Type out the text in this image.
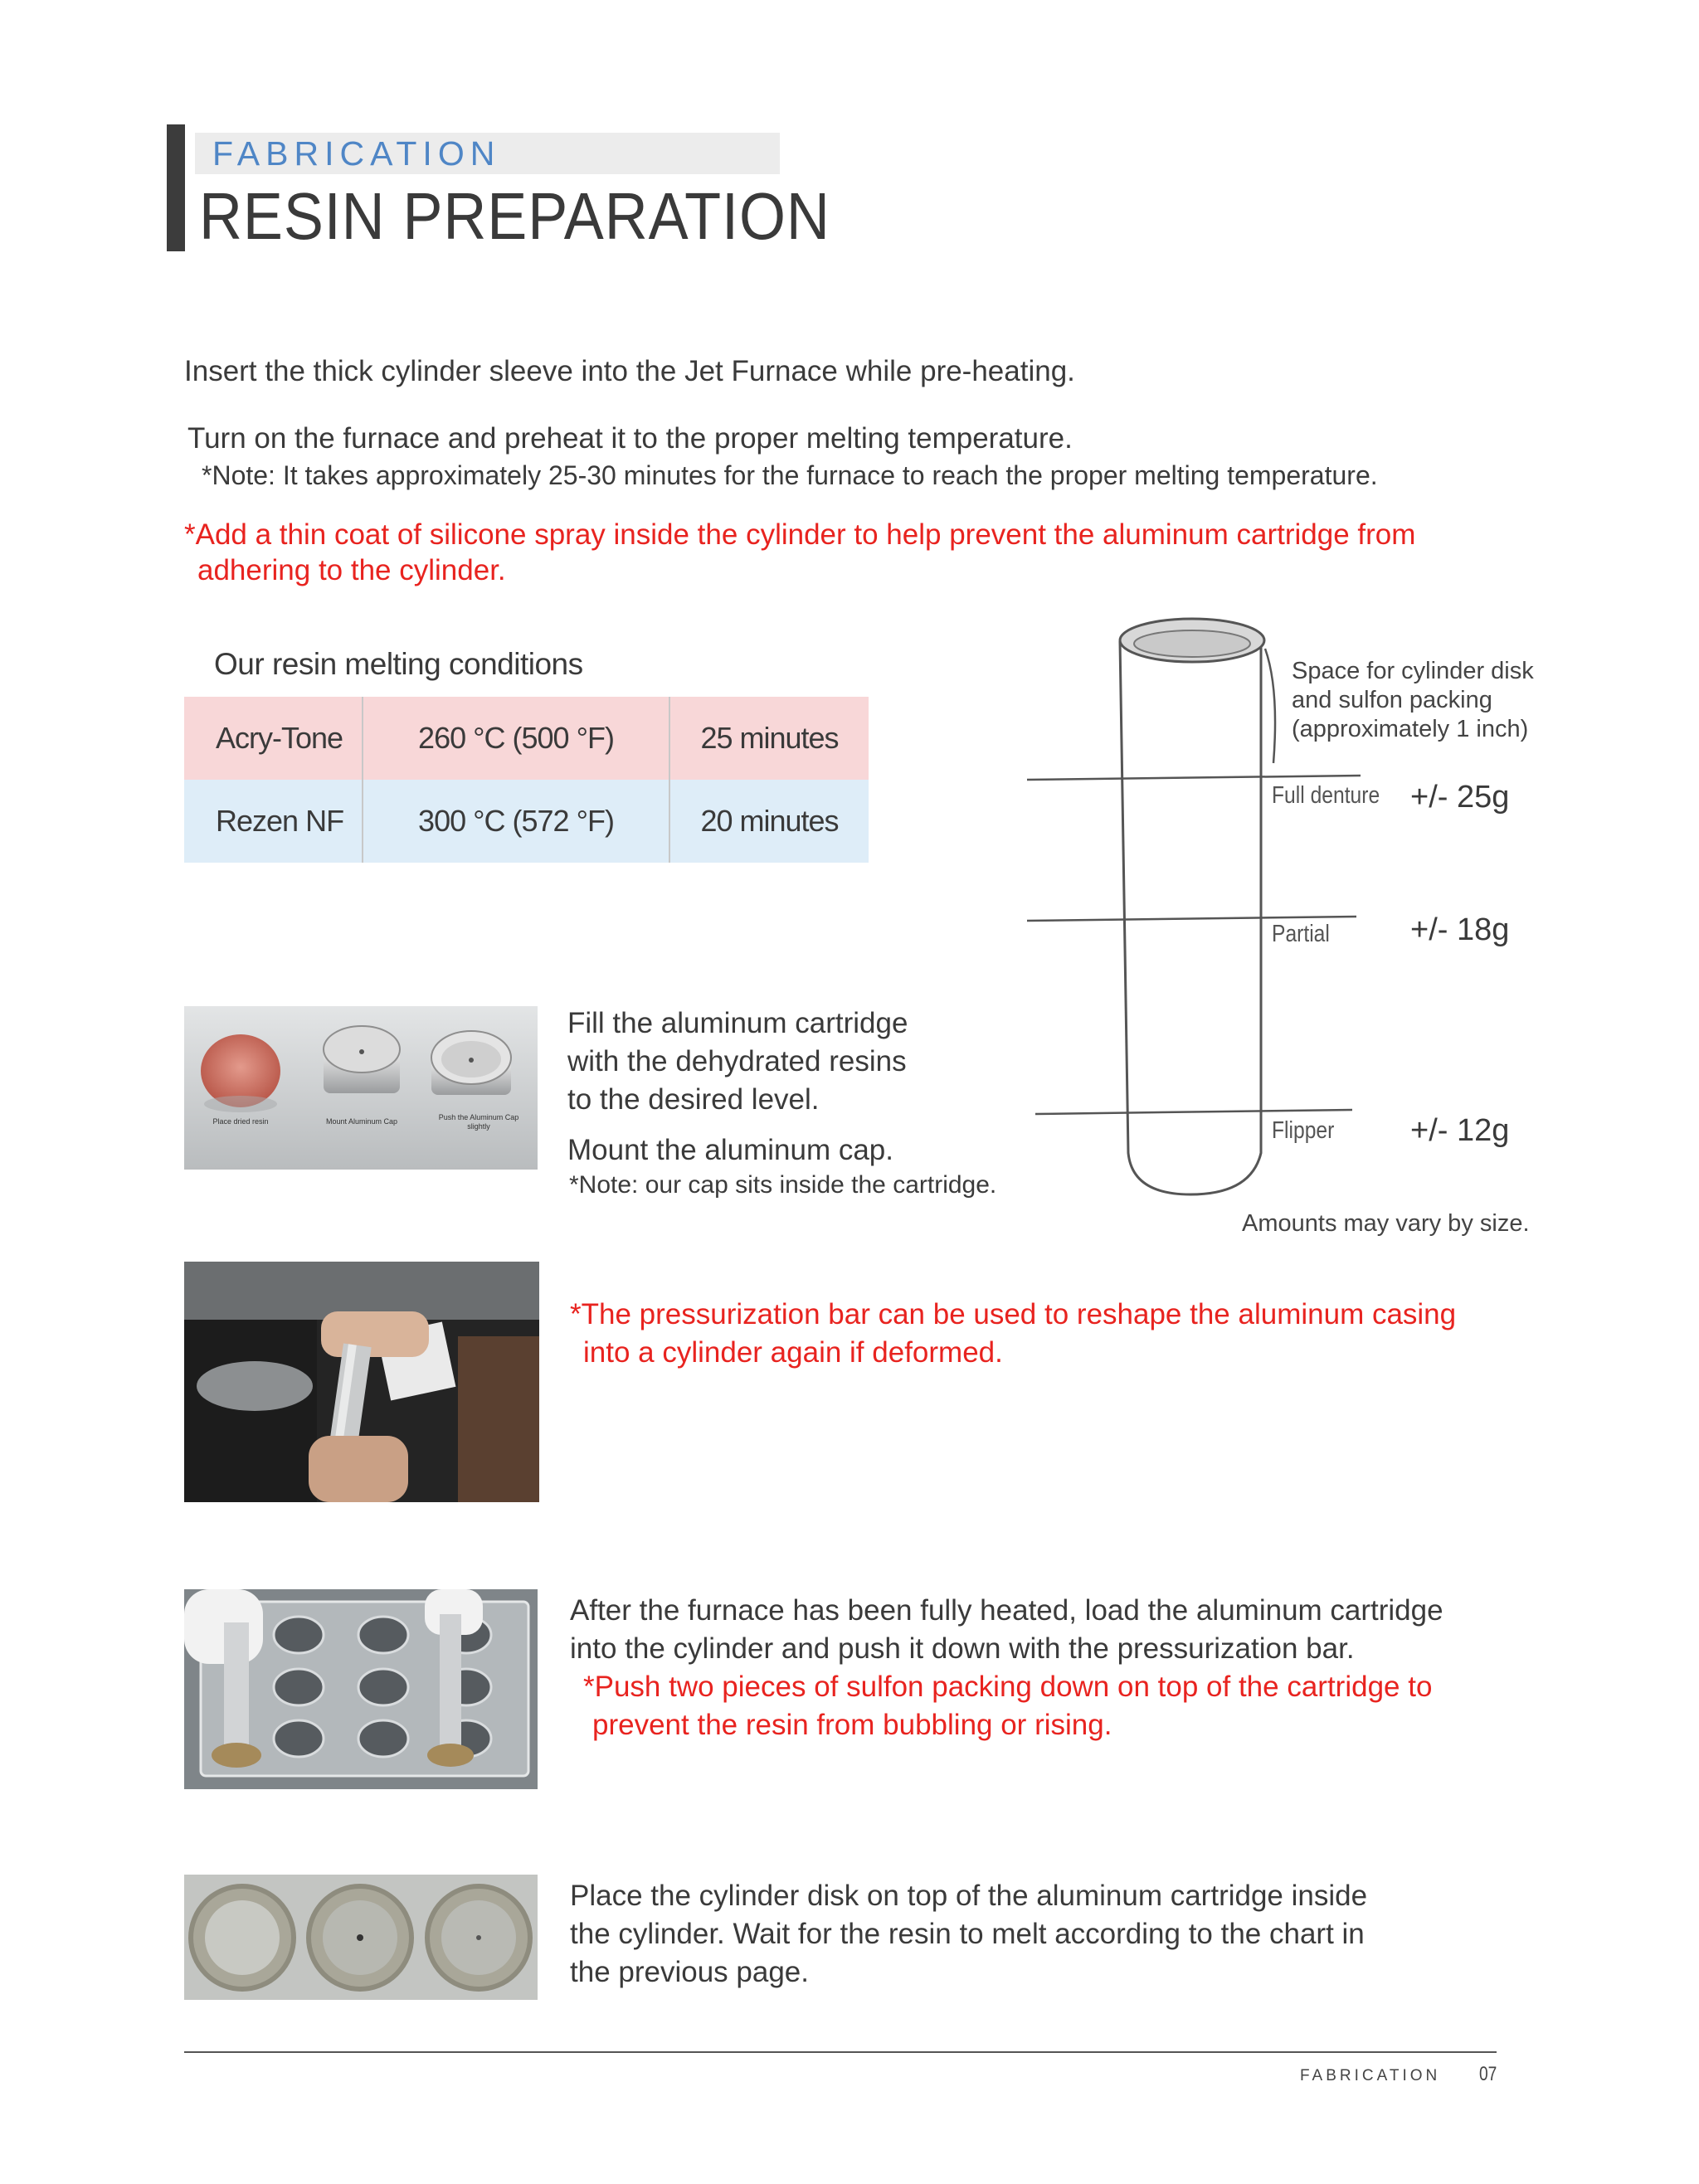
FABRICATION
RESIN PREPARATION
Insert the thick cylinder sleeve into the Jet Furnace while pre-heating.
Turn on the furnace and preheat it to the proper melting temperature.
*Note: It takes approximately 25-30 minutes for the furnace to reach the proper melting temperature.
*Add a thin coat of silicone spray inside the cylinder to help prevent the aluminum cartridge from
adhering to the cylinder.
Our resin melting conditions
Acry-Tone	260 °C (500 °F)	25 minutes
Rezen NF	300 °C (572 °F)	20 minutes
Space for cylinder disk
and sulfon packing
(approximately 1 inch)
Full denture +/- 25g
Partial	+/- 18g
Flipper +/- 12g
Amounts may vary by size.
Place dried resin	Mount Aluminum Cap	Push the Aluminum Cap
slightly
Fill the aluminum cartridge
with the dehydrated resins
to the desired level.
Mount the aluminum cap.
*Note: our cap sits inside the cartridge.
*The pressurization bar can be used to reshape the aluminum casing
into a cylinder again if deformed.
After the furnace has been fully heated, load the aluminum cartridge
into the cylinder and push it down with the pressurization bar.
*Push two pieces of sulfon packing down on top of the cartridge to
prevent the resin from bubbling or rising.
Place the cylinder disk on top of the aluminum cartridge inside
the cylinder. Wait for the resin to melt according to the chart in
the previous page.
FABRICATION 07
